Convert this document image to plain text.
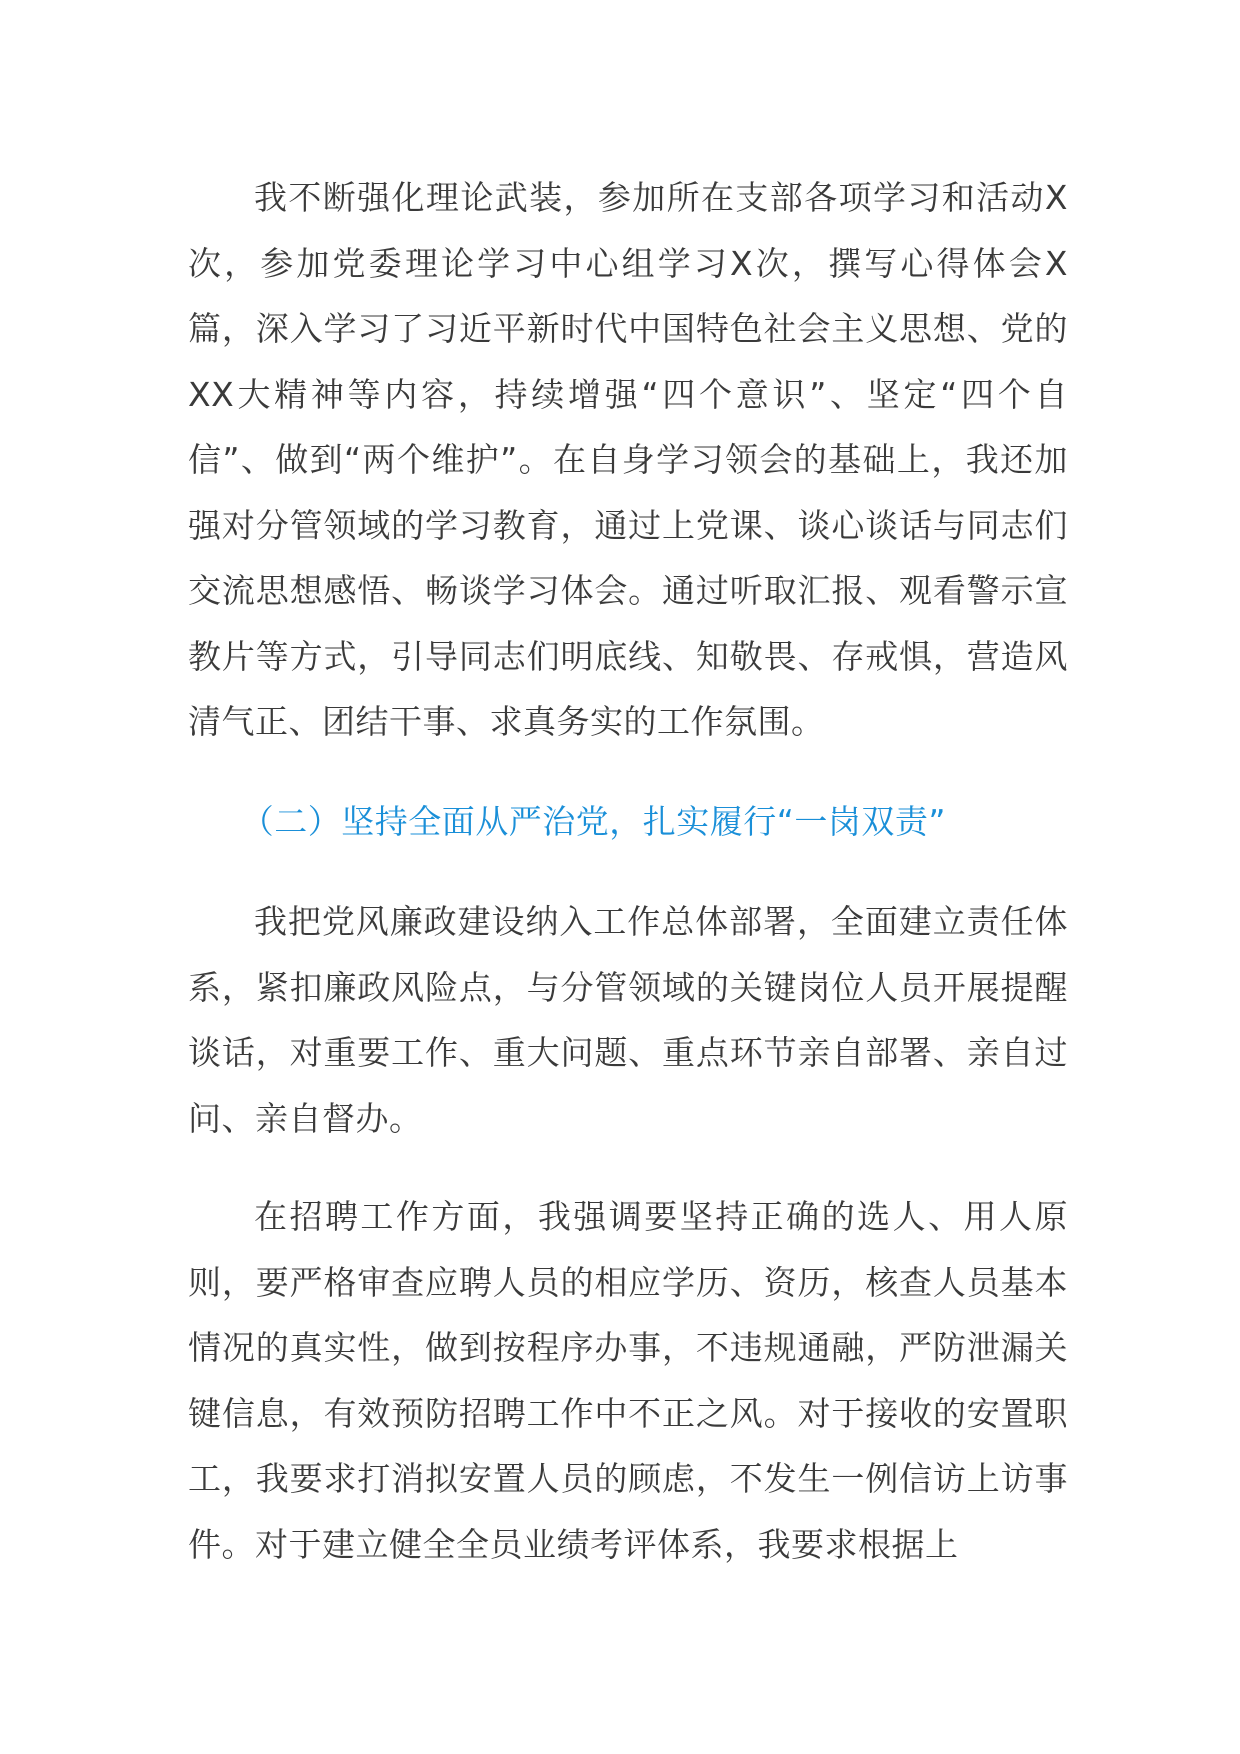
我不断强化理论武装，参加所在支部各项学习和活动X次，参加党委理论学习中心组学习X次，撰写心得体会X篇，深入学习了习近平新时代中国特色社会主义思想、党的XX大精神等内容，持续增强“四个意识”、坚定“四个自信”、做到“两个维护”。在自身学习领会的基础上，我还加强对分管领域的学习教育，通过上党课、谈心谈话与同志们交流思想感悟、畅谈学习体会。通过听取汇报、观看警示宣教片等方式，引导同志们明底线、知敬畏、存戒惧，营造风清气正、团结干事、求真务实的工作氛围。

（二）坚持全面从严治党，扎实履行“一岗双责”

我把党风廉政建设纳入工作总体部署，全面建立责任体系，紧扣廉政风险点，与分管领域的关键岗位人员开展提醒谈话，对重要工作、重大问题、重点环节亲自部署、亲自过问、亲自督办。

在招聘工作方面，我强调要坚持正确的选人、用人原则，要严格审查应聘人员的相应学历、资历，核查人员基本情况的真实性，做到按程序办事，不违规通融，严防泄漏关键信息，有效预防招聘工作中不正之风。对于接收的安置职工，我要求打消拟安置人员的顾虑，不发生一例信访上访事件。对于建立健全全员业绩考评体系，我要求根据上
